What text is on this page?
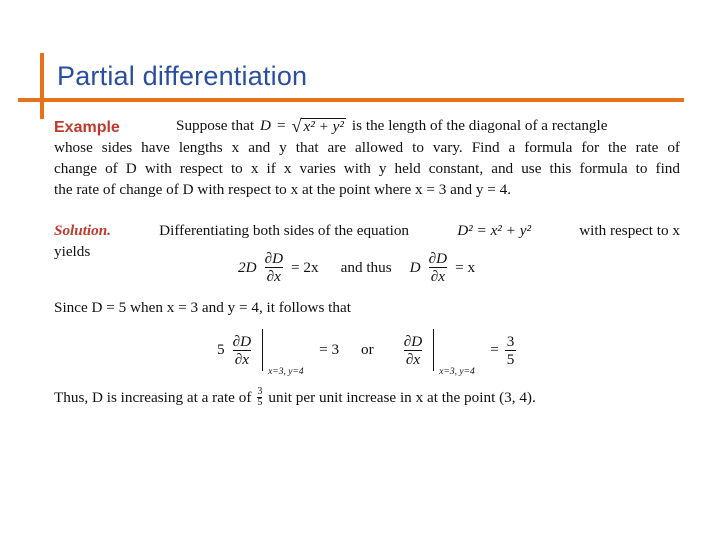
Partial differentiation
Example	Suppose that D = √ x² + y² is the length of the diagonal of a rectangle
whose sides have lengths x and y that are allowed to vary. Find a formula for the rate of
change of D with respect to x if x varies with y held constant, and use this formula to find
the rate of change of D with respect to x at the point where x = 3 and y = 4.
Solution.	Differentiating both sides of the equation	D² = x² + y²	with respect to x
yields
$2D \frac{\partial D}{\partial x} = 2x$ and thus D $\frac{\partial D}{\partial x} = x$
Since D = 5 when x = 3 and y = 4, it follows that
$5 \frac{\partial D}{\partial x}$
x=3, y=4
= 3 or $\frac{\partial D}{\partial x}$
x=3, y=4
= $\frac{3}{5}$
Thus, D is increasing at a rate of $\frac{3}{5}$ unit per unit increase in x at the point (3, 4).
